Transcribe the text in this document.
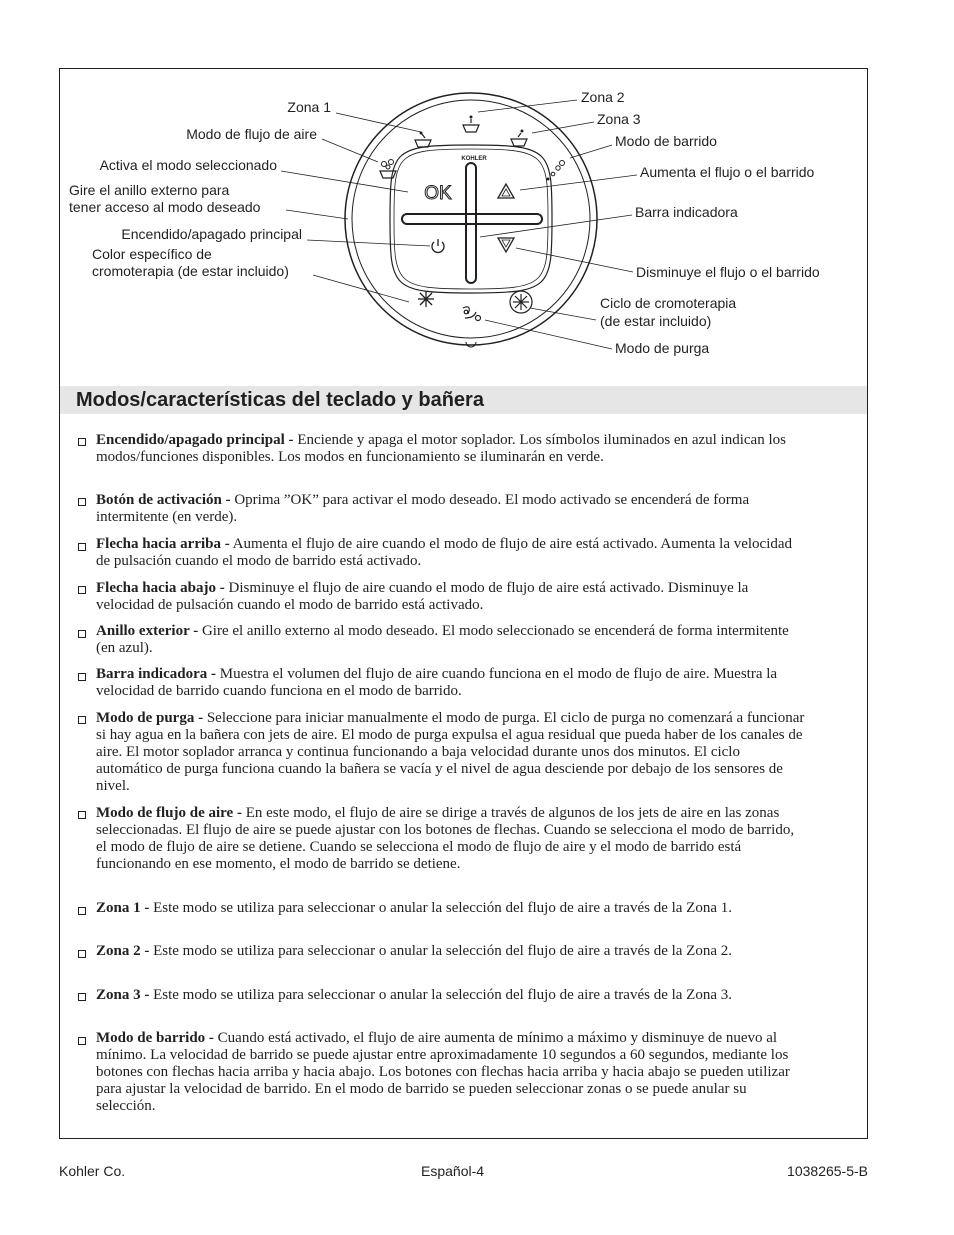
KOHLER
OK
Zona 1
Modo de flujo de aire
Activa el modo seleccionado
Gire el anillo externo para
tener acceso al modo deseado
Encendido/apagado principal
Color específico de
cromoterapia (de estar incluido)
Zona 2
Zona 3
Modo de barrido
Aumenta el flujo o el barrido
Barra indicadora
Disminuye el flujo o el barrido
Ciclo de cromoterapia
(de estar incluido)
Modo de purga
Modos/características del teclado y bañera
Encendido/apagado principal - Enciende y apaga el motor soplador. Los símbolos iluminados en azul indican los modos/funciones disponibles. Los modos en funcionamiento se iluminarán en verde.
Botón de activación - Oprima ”OK” para activar el modo deseado. El modo activado se encenderá de forma intermitente (en verde).
Flecha hacia arriba - Aumenta el flujo de aire cuando el modo de flujo de aire está activado. Aumenta la velocidad de pulsación cuando el modo de barrido está activado.
Flecha hacia abajo - Disminuye el flujo de aire cuando el modo de flujo de aire está activado. Disminuye la velocidad de pulsación cuando el modo de barrido está activado.
Anillo exterior - Gire el anillo externo al modo deseado. El modo seleccionado se encenderá de forma intermitente (en azul).
Barra indicadora - Muestra el volumen del flujo de aire cuando funciona en el modo de flujo de aire. Muestra la velocidad de barrido cuando funciona en el modo de barrido.
Modo de purga - Seleccione para iniciar manualmente el modo de purga. El ciclo de purga no comenzará a funcionar si hay agua en la bañera con jets de aire. El modo de purga expulsa el agua residual que pueda haber de los canales de aire. El motor soplador arranca y continua funcionando a baja velocidad durante unos dos minutos. El ciclo automático de purga funciona cuando la bañera se vacía y el nivel de agua desciende por debajo de los sensores de nivel.
Modo de flujo de aire - En este modo, el flujo de aire se dirige a través de algunos de los jets de aire en las zonas seleccionadas. El flujo de aire se puede ajustar con los botones de flechas. Cuando se selecciona el modo de barrido, el modo de flujo de aire se detiene. Cuando se selecciona el modo de flujo de aire y el modo de barrido está funcionando en ese momento, el modo de barrido se detiene.
Zona 1 - Este modo se utiliza para seleccionar o anular la selección del flujo de aire a través de la Zona 1.
Zona 2 - Este modo se utiliza para seleccionar o anular la selección del flujo de aire a través de la Zona 2.
Zona 3 - Este modo se utiliza para seleccionar o anular la selección del flujo de aire a través de la Zona 3.
Modo de barrido - Cuando está activado, el flujo de aire aumenta de mínimo a máximo y disminuye de nuevo al mínimo. La velocidad de barrido se puede ajustar entre aproximadamente 10 segundos a 60 segundos, mediante los botones con flechas hacia arriba y hacia abajo. Los botones con flechas hacia arriba y hacia abajo se pueden utilizar para ajustar la velocidad de barrido. En el modo de barrido se pueden seleccionar zonas o se puede anular su selección.
Kohler Co.	Español-4	1038265-5-B
